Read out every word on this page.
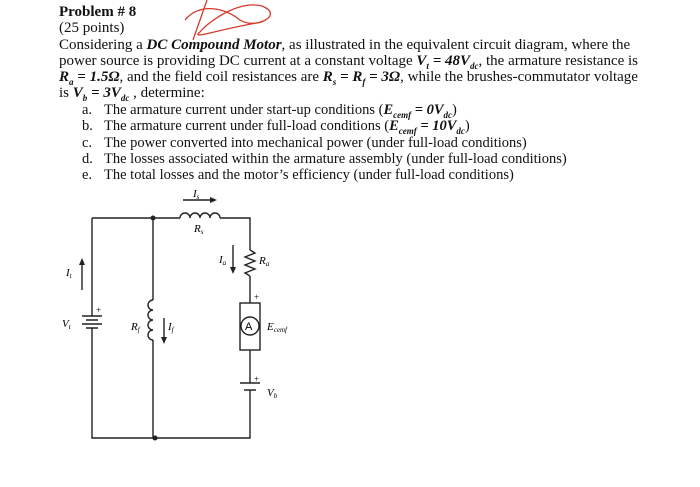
Problem # 8
(25 points)
Considering a DC Compound Motor, as illustrated in the equivalent circuit diagram, where the
power source is providing DC current at a constant voltage $V_t = 48V_{dc}$, the armature resistance is
$R_a = 1.5\Omega$, and the field coil resistances are $R_s = R_f = 3\Omega$, while the brushes-commutator voltage
is $V_b = 3V_{dc}$ , determine:
a. The armature current under start-up conditions $(E_{cemf} = 0V_{dc})$
b. The armature current under full-load conditions $(E_{cemf} = 10V_{dc})$
c. The power converted into mechanical power (under full-load conditions)
d. The losses associated within the armature assembly (under full-load conditions)
e. The total losses and the motor’s efficiency (under full-load conditions)
Is
Rs
Ia	Ra
It
Vt	Rf	If	A Ecemf
Vb
+
+
+
